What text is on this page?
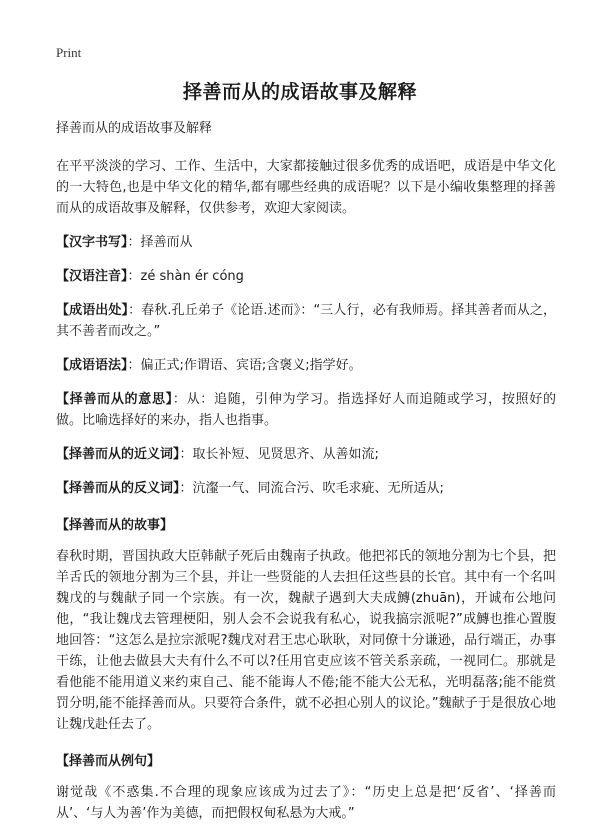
Print
择善而从的成语故事及解释

择善而从的成语故事及解释

在平平淡淡的学习、工作、生活中，大家都接触过很多优秀的成语吧，成语是中华文化的一大特色,也是中华文化的精华,都有哪些经典的成语呢？以下是小编收集整理的择善而从的成语故事及解释，仅供参考，欢迎大家阅读。

【汉字书写】：择善而从

【汉语注音】：zé shàn ér cóng

【成语出处】：春秋.孔丘弟子《论语.述而》：“三人行，必有我师焉。择其善者而从之，其不善者而改之。”

【成语语法】：偏正式;作谓语、宾语;含褒义;指学好。

【择善而从的意思】：从：追随，引伸为学习。指选择好人而追随或学习，按照好的做。比喻选择好的来办，指人也指事。

【择善而从的近义词】：取长补短、见贤思齐、从善如流;

【择善而从的反义词】：沆瀣一气、同流合污、吹毛求疵、无所适从;

【择善而从的故事】

春秋时期，晋国执政大臣韩献子死后由魏南子执政。他把祁氏的领地分割为七个县，把羊舌氏的领地分割为三个县，并让一些贤能的人去担任这些县的长官。其中有一个名叫魏戊的与魏献子同一个宗族。有一次，魏献子遇到大夫成鱄(zhuān)，开诚布公地问他，“我让魏戊去管理梗阳，别人会不会说我有私心，说我搞宗派呢?”成鱄也推心置腹地回答：“这怎么是拉宗派呢?魏戊对君王忠心耿耿，对同僚十分谦逊，品行端正，办事干练，让他去做县大夫有什么不可以?任用官吏应该不管关系亲疏，一视同仁。那就是看他能不能用道义来约束自己、能不能诲人不倦;能不能大公无私，光明磊落;能不能赏罚分明,能不能择善而从。只要符合条件，就不必担心别人的议论。”魏献子于是很放心地让魏戊赴任去了。

【择善而从例句】

谢觉哉《不惑集.不合理的现象应该成为过去了》：“历史上总是把‘反省’、‘择善而从’、‘与人为善’作为美德，而把假权甸私悬为大戒。”
